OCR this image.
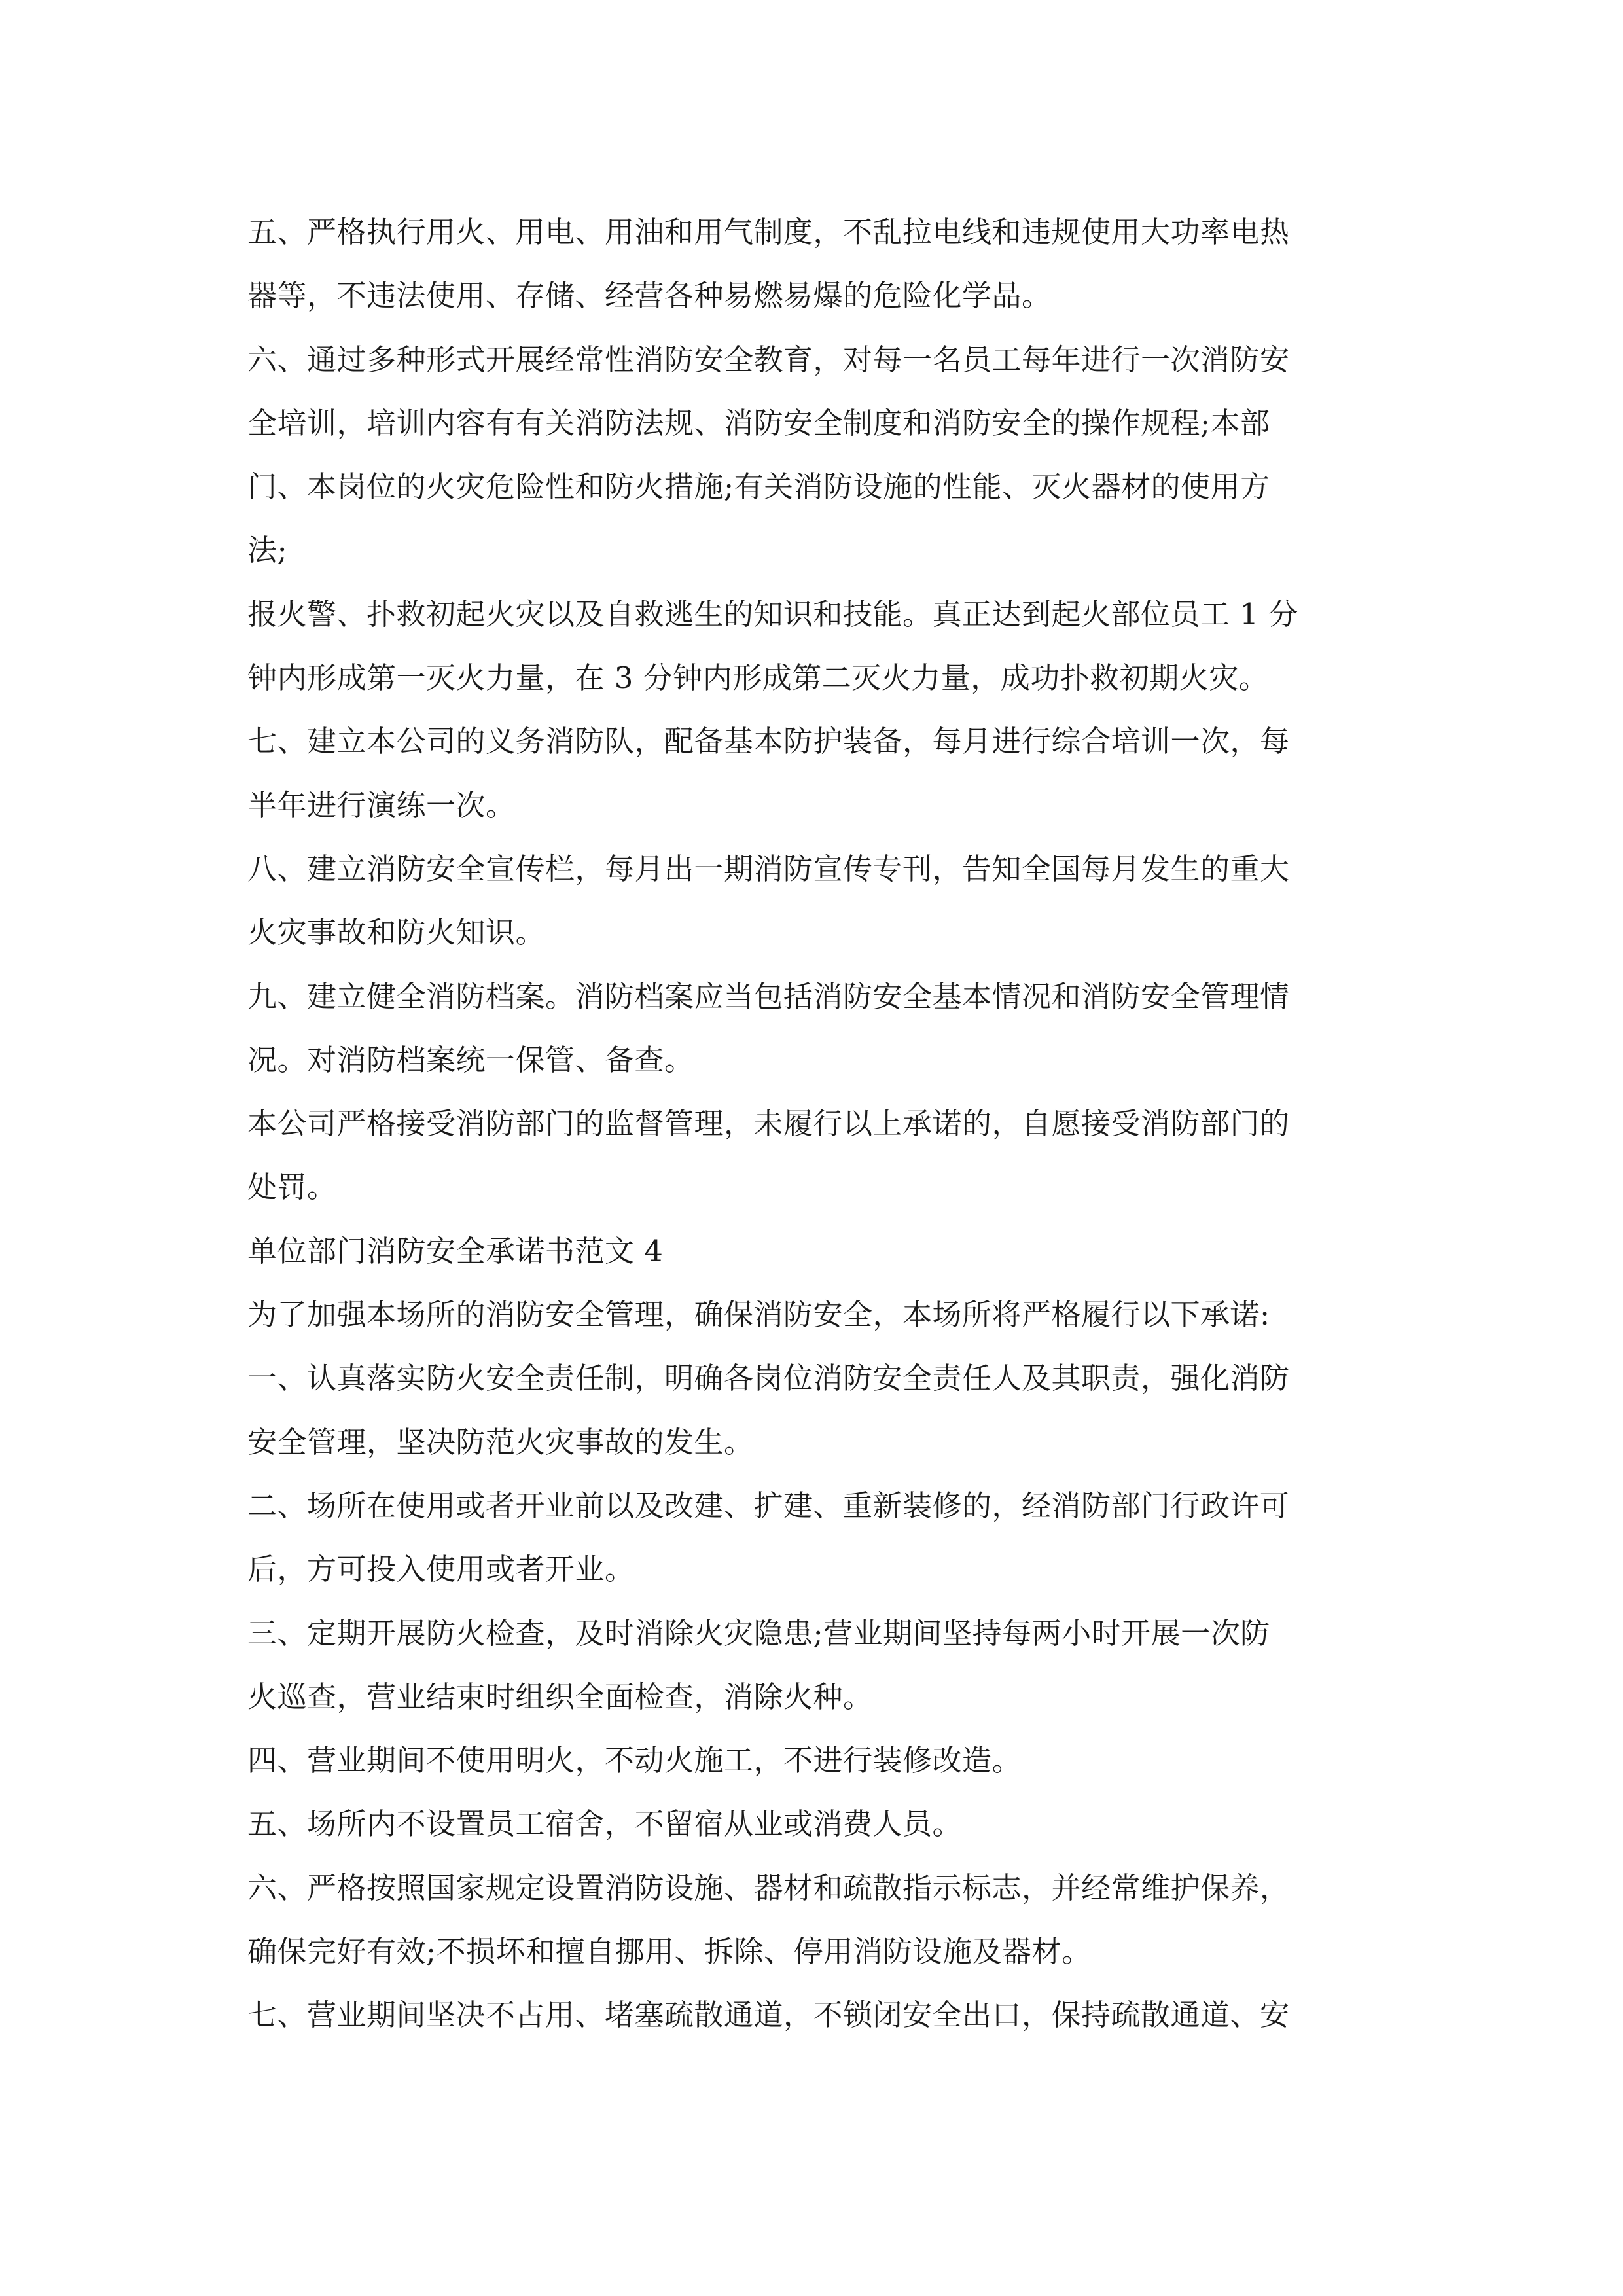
五、严格执行用火、用电、用油和用气制度，不乱拉电线和违规使用大功率电热
器等，不违法使用、存储、经营各种易燃易爆的危险化学品。
六、通过多种形式开展经常性消防安全教育，对每一名员工每年进行一次消防安
全培训，培训内容有有关消防法规、消防安全制度和消防安全的操作规程;本部
门、本岗位的火灾危险性和防火措施;有关消防设施的性能、灭火器材的使用方
法;
报火警、扑救初起火灾以及自救逃生的知识和技能。真正达到起火部位员工 1 分
钟内形成第一灭火力量，在 3 分钟内形成第二灭火力量，成功扑救初期火灾。
七、建立本公司的义务消防队，配备基本防护装备，每月进行综合培训一次，每
半年进行演练一次。
八、建立消防安全宣传栏，每月出一期消防宣传专刊，告知全国每月发生的重大
火灾事故和防火知识。
九、建立健全消防档案。消防档案应当包括消防安全基本情况和消防安全管理情
况。对消防档案统一保管、备查。
本公司严格接受消防部门的监督管理，未履行以上承诺的，自愿接受消防部门的
处罚。
单位部门消防安全承诺书范文 4
为了加强本场所的消防安全管理，确保消防安全，本场所将严格履行以下承诺:
一、认真落实防火安全责任制，明确各岗位消防安全责任人及其职责，强化消防
安全管理，坚决防范火灾事故的发生。
二、场所在使用或者开业前以及改建、扩建、重新装修的，经消防部门行政许可
后，方可投入使用或者开业。
三、定期开展防火检查，及时消除火灾隐患;营业期间坚持每两小时开展一次防
火巡查，营业结束时组织全面检查，消除火种。
四、营业期间不使用明火，不动火施工，不进行装修改造。
五、场所内不设置员工宿舍，不留宿从业或消费人员。
六、严格按照国家规定设置消防设施、器材和疏散指示标志，并经常维护保养，
确保完好有效;不损坏和擅自挪用、拆除、停用消防设施及器材。
七、营业期间坚决不占用、堵塞疏散通道，不锁闭安全出口，保持疏散通道、安
